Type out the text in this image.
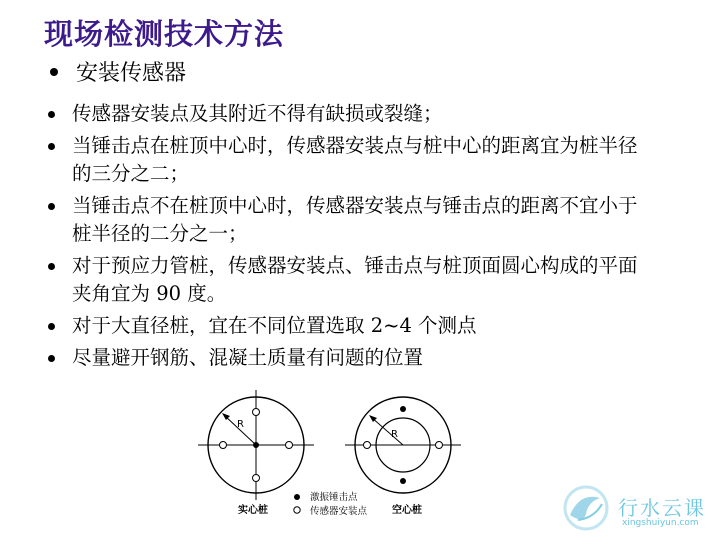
现场检测技术方法
安装传感器
传感器安装点及其附近不得有缺损或裂缝；
当锤击点在桩顶中心时，传感器安装点与桩中心的距离宜为桩半径的三分之二；
当锤击点不在桩顶中心时，传感器安装点与锤击点的距离不宜小于桩半径的二分之一；
对于预应力管桩，传感器安装点、锤击点与桩顶面圆心构成的平面夹角宜为 90 度。
对于大直径桩，宜在不同位置选取 2~4 个测点
尽量避开钢筋、混凝土质量有问题的位置
R
实心桩
R
空心桩
激振锤击点
传感器安装点	行水云课
xingshuiyun.com
